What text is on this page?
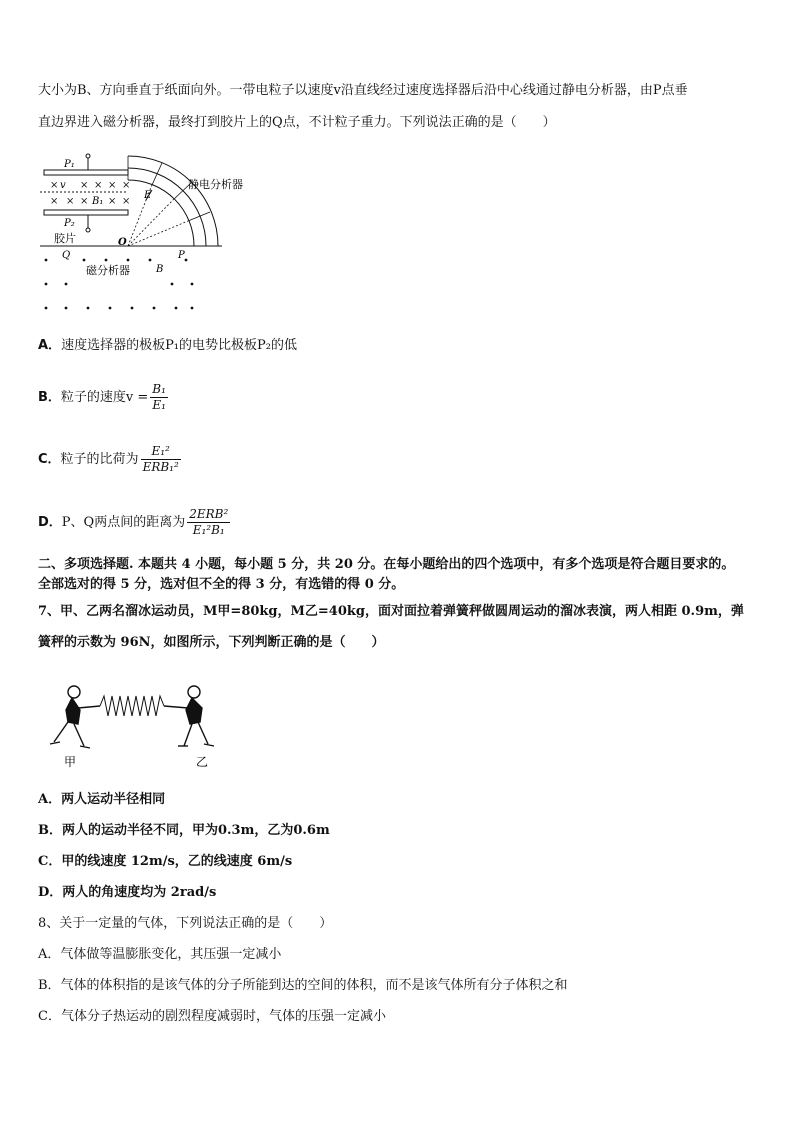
大小为B、方向垂直于纸面向外。一带电粒子以速度v沿直线经过速度选择器后沿中心线通过静电分析器，由P点垂
直边界进入磁分析器，最终打到胶片上的Q点，不计粒子重力。下列说法正确的是（　　）
P₁
P₂
× × × × ×
× × × × ×
v
B₁
E
静电分析器
胶片	O
P
Q
磁分析器	B
A．速度选择器的极板P₁的电势比极板P₂的低
B．粒子的速度$v = \frac{\text{B₁}}{\text{E₁}}$
C．粒子的比荷为 $\frac{\text{E₁²}}{\text{ERB₁²}}$
D．P、Q两点间的距离为 $\frac{\text{2ERB²}}{\text{E₁²B₁}}$
二、多项选择题. 本题共 4 小题，每小题 5 分，共 20 分。在每小题给出的四个选项中，有多个选项是符合题目要求的。
全部选对的得 5 分，选对但不全的得 3 分，有选错的得 0 分。
7、甲、乙两名溜冰运动员，M甲=80kg，M乙=40kg，面对面拉着弹簧秤做圆周运动的溜冰表演，两人相距 0.9m，弹
簧秤的示数为 96N，如图所示，下列判断正确的是（　　）
甲	乙
A．两人运动半径相同
B．两人的运动半径不同，甲为0.3m，乙为0.6m
C．甲的线速度 12m/s，乙的线速度 6m/s
D．两人的角速度均为 2rad/s
8、关于一定量的气体，下列说法正确的是（　　）
A．气体做等温膨胀变化，其压强一定减小
B．气体的体积指的是该气体的分子所能到达的空间的体积，而不是该气体所有分子体积之和
C．气体分子热运动的剧烈程度减弱时，气体的压强一定减小
